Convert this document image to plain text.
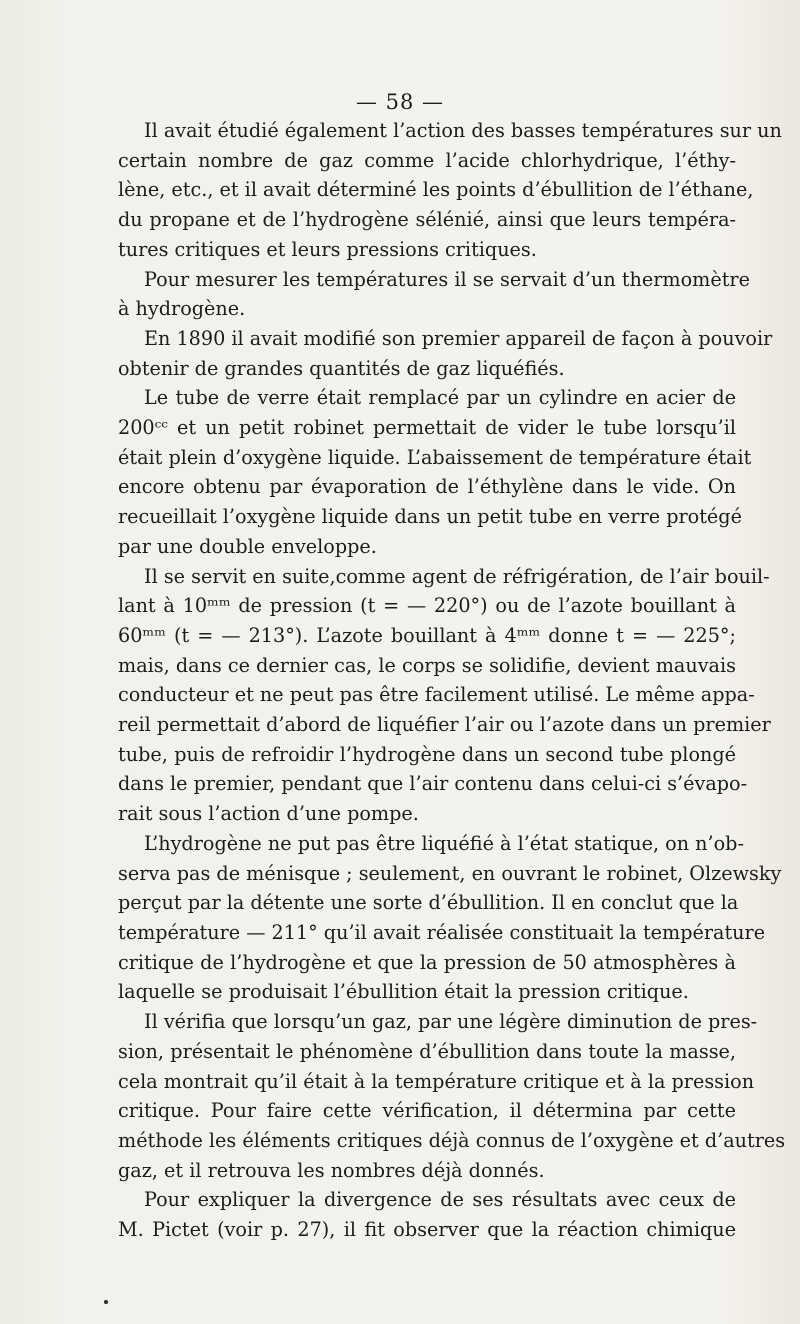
— 58 —
Il avait étudié également l’action des basses températures sur un
certain nombre de gaz comme l’acide chlorhydrique, l’éthy-
lène, etc., et il avait déterminé les points d’ébullition de l’éthane,
du propane et de l’hydrogène sélénié, ainsi que leurs tempéra-
tures critiques et leurs pressions critiques.
Pour mesurer les températures il se servait d’un thermomètre
à hydrogène.
En 1890 il avait modifié son premier appareil de façon à pouvoir
obtenir de grandes quantités de gaz liquéfiés.
Le tube de verre était remplacé par un cylindre en acier de
200ᶜᶜ et un petit robinet permettait de vider le tube lorsqu’il
était plein d’oxygène liquide. L’abaissement de température était
encore obtenu par évaporation de l’éthylène dans le vide. On
recueillait l’oxygène liquide dans un petit tube en verre protégé
par une double enveloppe.
Il se servit en suite,comme agent de réfrigération, de l’air bouil-
lant à 10ᵐᵐ de pression (t = — 220°) ou de l’azote bouillant à
60ᵐᵐ (t = — 213°). L’azote bouillant à 4ᵐᵐ donne t = — 225°;
mais, dans ce dernier cas, le corps se solidifie, devient mauvais
conducteur et ne peut pas être facilement utilisé. Le même appa-
reil permettait d’abord de liquéfier l’air ou l’azote dans un premier
tube, puis de refroidir l’hydrogène dans un second tube plongé
dans le premier, pendant que l’air contenu dans celui-ci s’évapo-
rait sous l’action d’une pompe.
L’hydrogène ne put pas être liquéfié à l’état statique, on n’ob-
serva pas de ménisque ; seulement, en ouvrant le robinet, Olzewsky
perçut par la détente une sorte d’ébullition. Il en conclut que la
température — 211° qu’il avait réalisée constituait la température
critique de l’hydrogène et que la pression de 50 atmosphères à
laquelle se produisait l’ébullition était la pression critique.
Il vérifia que lorsqu’un gaz, par une légère diminution de pres-
sion, présentait le phénomène d’ébullition dans toute la masse,
cela montrait qu’il était à la température critique et à la pression
critique. Pour faire cette vérification, il détermina par cette
méthode les éléments critiques déjà connus de l’oxygène et d’autres
gaz, et il retrouva les nombres déjà donnés.
Pour expliquer la divergence de ses résultats avec ceux de
M. Pictet (voir p. 27), il fit observer que la réaction chimique
